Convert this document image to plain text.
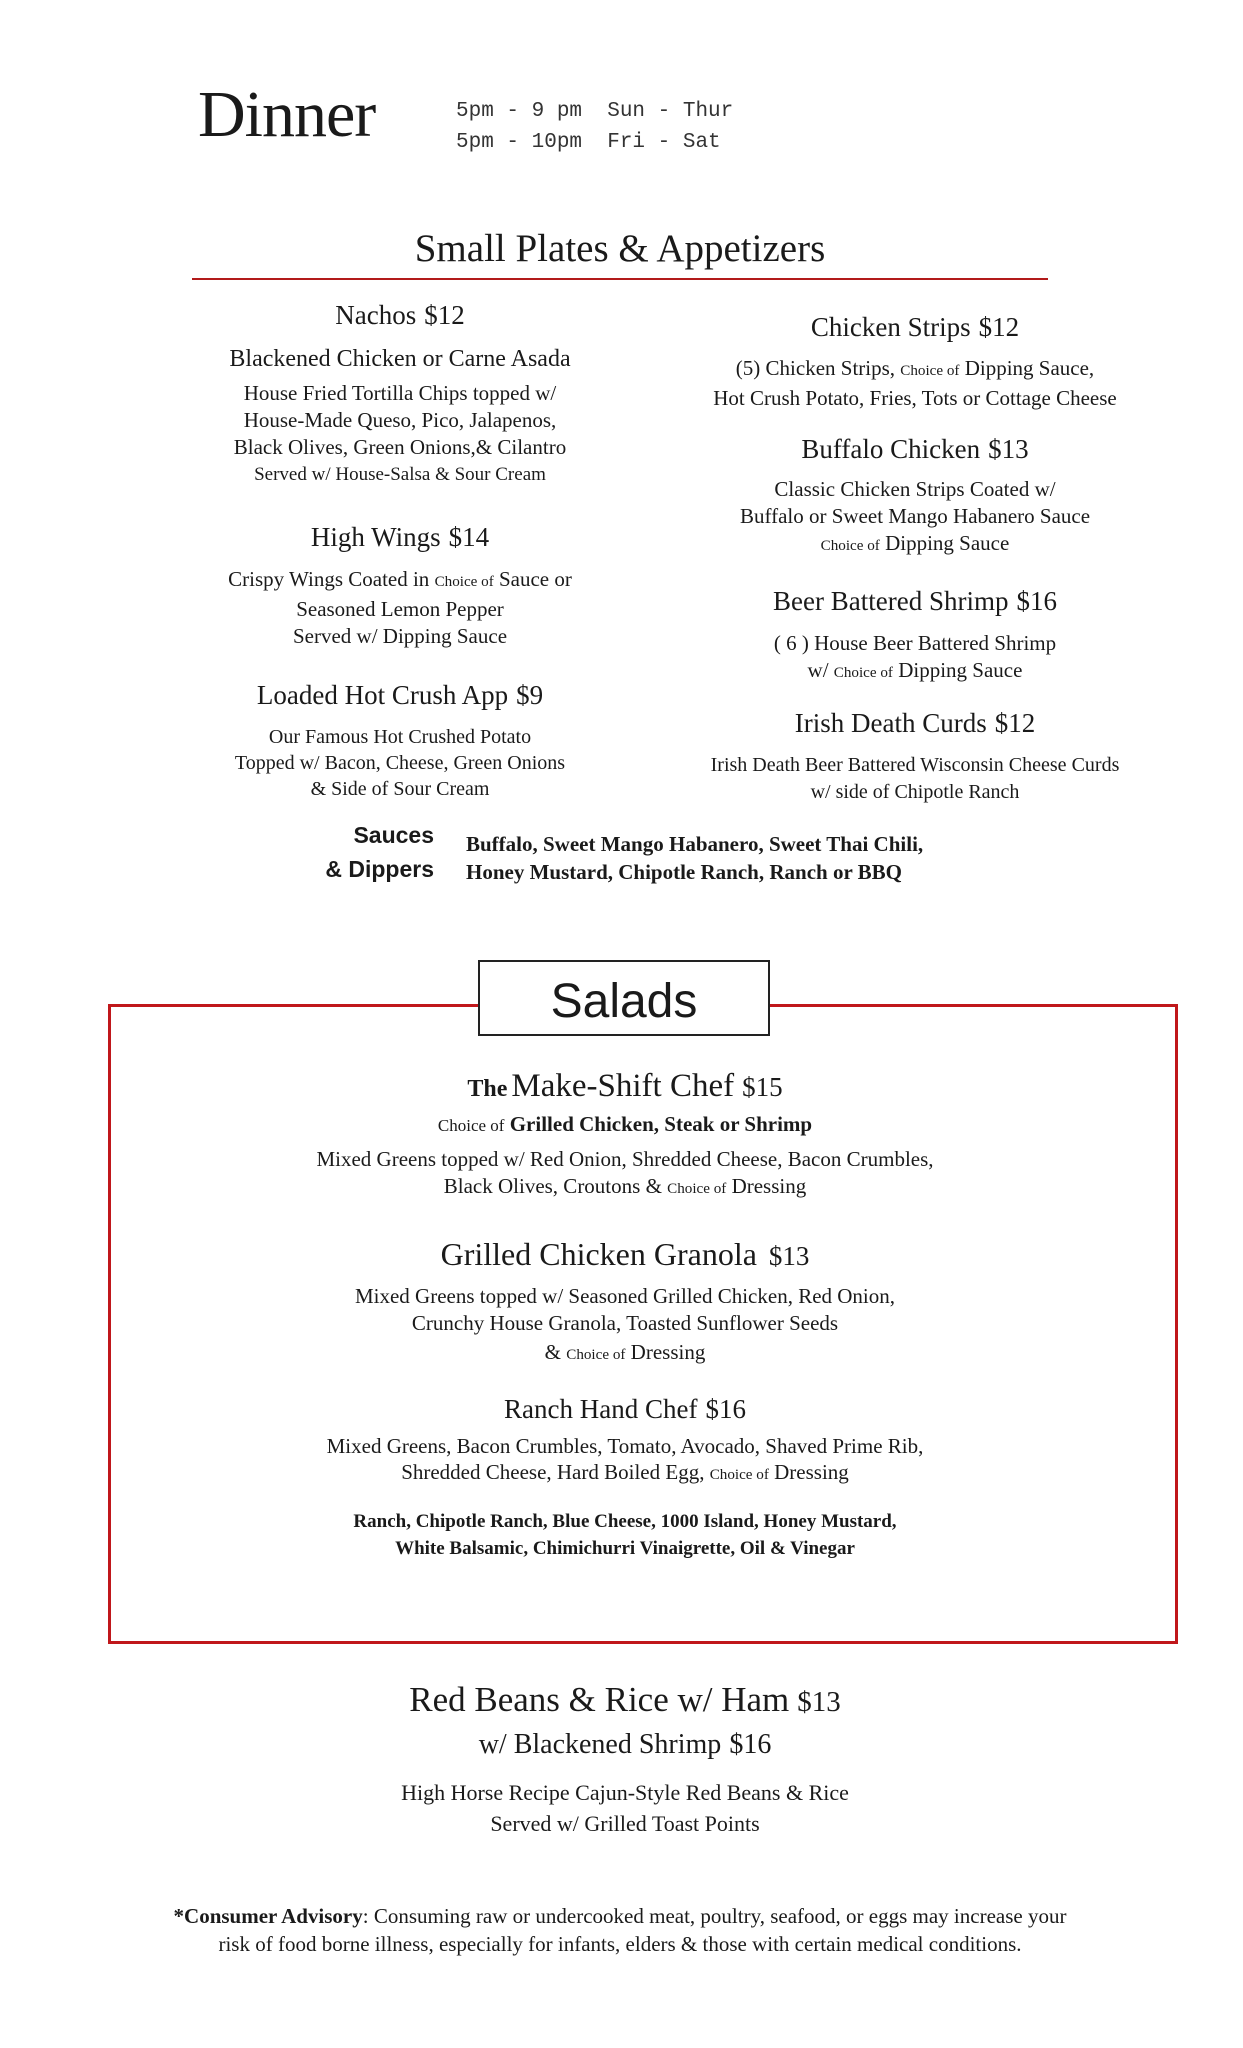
Dinner	5pm - 9 pm  Sun - Thur
5pm - 10pm  Fri - Sat
Small Plates & Appetizers
Nachos $12
Blackened Chicken or Carne Asada
House Fried Tortilla Chips topped w/
House-Made Queso, Pico, Jalapenos,
Black Olives, Green Onions,& Cilantro
Served w/ House-Salsa & Sour Cream
High Wings $14
Crispy Wings Coated in Choice of Sauce or
Seasoned Lemon Pepper
Served w/ Dipping Sauce
Loaded Hot Crush App $9
Our Famous Hot Crushed Potato
Topped w/ Bacon, Cheese, Green Onions
& Side of Sour Cream
Chicken Strips $12
(5) Chicken Strips, Choice of Dipping Sauce,
Hot Crush Potato, Fries, Tots or Cottage Cheese
Buffalo Chicken $13
Classic Chicken Strips Coated w/
Buffalo or Sweet Mango Habanero Sauce
Choice of Dipping Sauce
Beer Battered Shrimp $16
( 6 ) House Beer Battered Shrimp
w/ Choice of Dipping Sauce
Irish Death Curds $12
Irish Death Beer Battered Wisconsin Cheese Curds
w/ side of Chipotle Ranch
Sauces
& Dippers
Buffalo, Sweet Mango Habanero, Sweet Thai Chili,
Honey Mustard, Chipotle Ranch, Ranch or BBQ
Salads
The Make-Shift Chef $15
Choice of Grilled Chicken, Steak or Shrimp
Mixed Greens topped w/ Red Onion, Shredded Cheese, Bacon Crumbles,
Black Olives, Croutons & Choice of Dressing
Grilled Chicken Granola $13
Mixed Greens topped w/ Seasoned Grilled Chicken, Red Onion,
Crunchy House Granola, Toasted Sunflower Seeds
& Choice of Dressing
Ranch Hand Chef $16
Mixed Greens, Bacon Crumbles, Tomato, Avocado, Shaved Prime Rib,
Shredded Cheese, Hard Boiled Egg, Choice of Dressing
Ranch, Chipotle Ranch, Blue Cheese, 1000 Island, Honey Mustard,
White Balsamic, Chimichurri Vinaigrette, Oil & Vinegar
Red Beans & Rice w/ Ham $13
w/ Blackened Shrimp $16
High Horse Recipe Cajun-Style Red Beans & Rice
Served w/ Grilled Toast Points
*Consumer Advisory: Consuming raw or undercooked meat, poultry, seafood, or eggs may increase your
risk of food borne illness, especially for infants, elders & those with certain medical conditions.
